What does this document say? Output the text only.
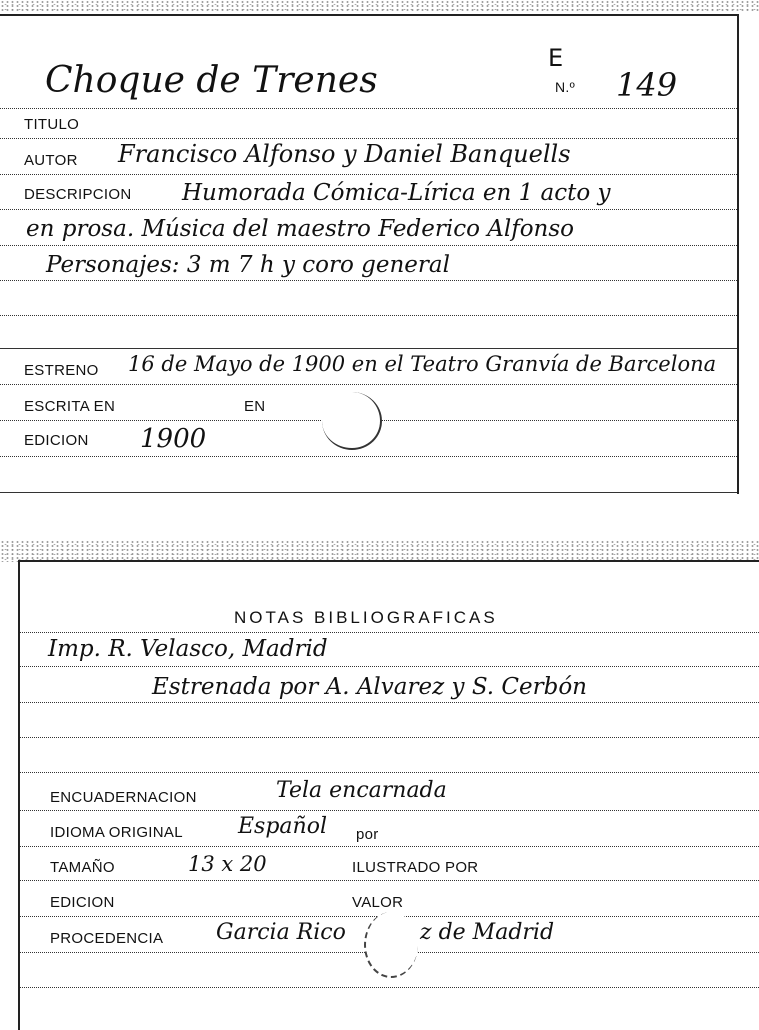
Choque de Trenes
E
N.º 149
TITULO
AUTOR Francisco Alfonso y Daniel Banquells
DESCRIPCION Humorada Cómica-Lírica en 1 acto y
en prosa. Música del maestro Federico Alfonso
Personajes: 3 m 7 h y coro general
ESTRENO 16 de Mayo de 1900 en el Teatro Granvía de Barcelona
ESCRITA EN	EN
EDICION 1900
NOTAS BIBLIOGRAFICAS
Imp. R. Velasco, Madrid
Estrenada por A. Alvarez y S. Cerbón
ENCUADERNACION	Tela encarnada
IDIOMA ORIGINAL	Español por
TAMAÑO	13 x 20	ILUSTRADO POR
EDICION	VALOR
PROCEDENCIA Garcia Rico	z de Madrid
